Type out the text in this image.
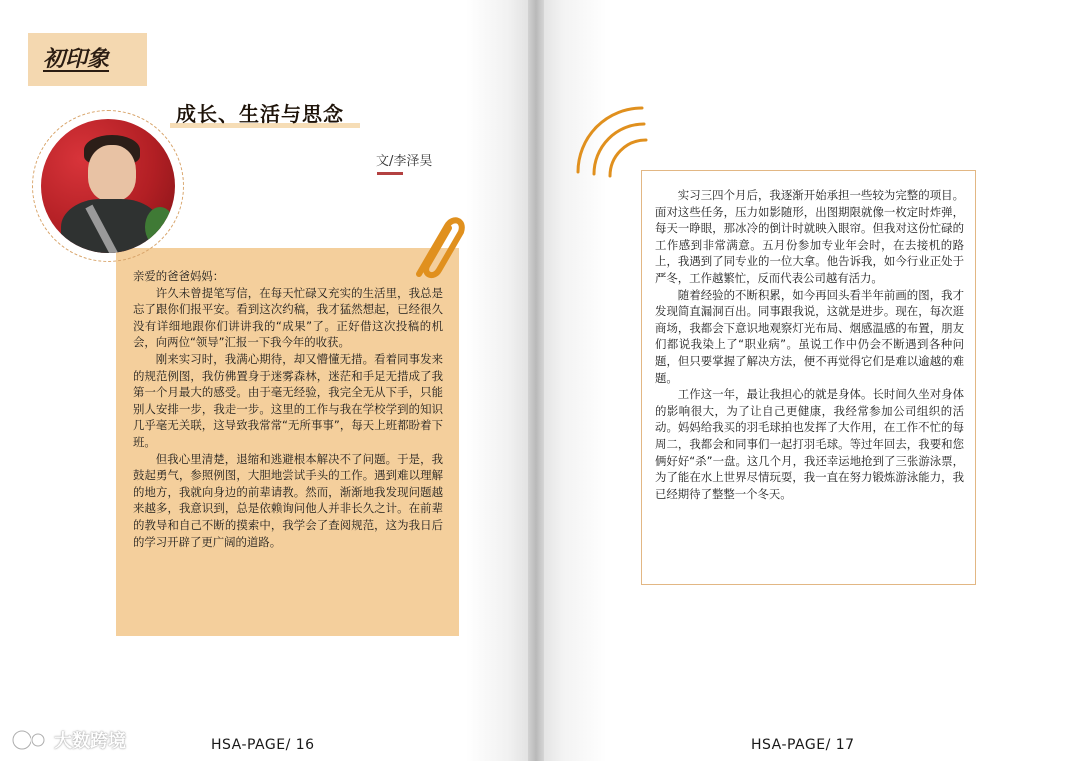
初印象
成长、生活与思念
文/李泽昊

亲爱的爸爸妈妈：

许久未曾提笔写信，在每天忙碌又充实的生活里，我总是忘了跟你们报平安。看到这次约稿，我才猛然想起，已经很久没有详细地跟你们讲讲我的“成果”了。正好借这次投稿的机会，向两位“领导”汇报一下我今年的收获。

刚来实习时，我满心期待，却又懵懂无措。看着同事发来的规范例图，我仿佛置身于迷雾森林，迷茫和手足无措成了我第一个月最大的感受。由于毫无经验，我完全无从下手，只能别人安排一步，我走一步。这里的工作与我在学校学到的知识几乎毫无关联，这导致我常常“无所事事”，每天上班都盼着下班。

但我心里清楚，退缩和逃避根本解决不了问题。于是，我鼓起勇气，参照例图，大胆地尝试手头的工作。遇到难以理解的地方，我就向身边的前辈请教。然而，渐渐地我发现问题越来越多，我意识到，总是依赖询问他人并非长久之计。在前辈的教导和自己不断的摸索中，我学会了查阅规范，这为我日后的学习开辟了更广阔的道路。

HSA-PAGE/ 16

实习三四个月后，我逐渐开始承担一些较为完整的项目。面对这些任务，压力如影随形，出图期限就像一枚定时炸弹，每天一睁眼，那冰冷的倒计时就映入眼帘。但我对这份忙碌的工作感到非常满意。五月份参加专业年会时，在去接机的路上，我遇到了同专业的一位大拿。他告诉我，如今行业正处于严冬，工作越繁忙，反而代表公司越有活力。

随着经验的不断积累，如今再回头看半年前画的图，我才发现简直漏洞百出。同事跟我说，这就是进步。现在，每次逛商场，我都会下意识地观察灯光布局、烟感温感的布置，朋友们都说我染上了“职业病”。虽说工作中仍会不断遇到各种问题，但只要掌握了解决方法，便不再觉得它们是难以逾越的难题。

工作这一年，最让我担心的就是身体。长时间久坐对身体的影响很大，为了让自己更健康，我经常参加公司组织的活动。妈妈给我买的羽毛球拍也发挥了大作用，在工作不忙的每周二，我都会和同事们一起打羽毛球。等过年回去，我要和您俩好好“杀”一盘。这几个月，我还幸运地抢到了三张游泳票，为了能在水上世界尽情玩耍，我一直在努力锻炼游泳能力，我已经期待了整整一个冬天。

HSA-PAGE/ 17
大数跨境
